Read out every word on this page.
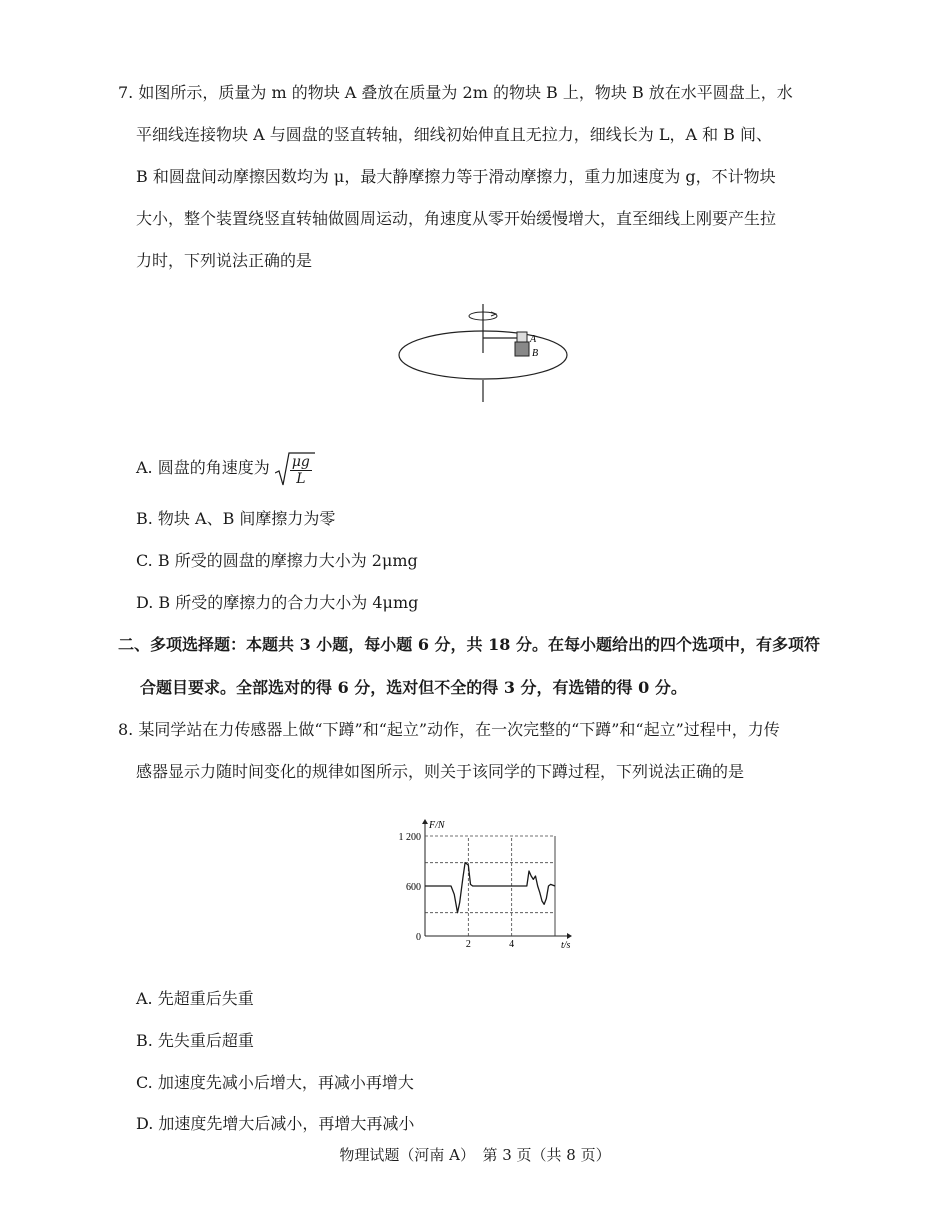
7. 如图所示，质量为 m 的物块 A 叠放在质量为 2m 的物块 B 上，物块 B 放在水平圆盘上，水
平细线连接物块 A 与圆盘的竖直转轴，细线初始伸直且无拉力，细线长为 L，A 和 B 间、
B 和圆盘间动摩擦因数均为 μ，最大静摩擦力等于滑动摩擦力，重力加速度为 g，不计物块
大小，整个装置绕竖直转轴做圆周运动，角速度从零开始缓慢增大，直至细线上刚要产生拉
力时，下列说法正确的是
A
B
A. 圆盘的角速度为 $\frac{\mu g}{L}$
B. 物块 A、B 间摩擦力为零
C. B 所受的圆盘的摩擦力大小为 2μmg
D. B 所受的摩擦力的合力大小为 4μmg
二、多项选择题：本题共 3 小题，每小题 6 分，共 18 分。在每小题给出的四个选项中，有多项符
合题目要求。全部选对的得 6 分，选对但不全的得 3 分，有选错的得 0 分。
8. 某同学站在力传感器上做“下蹲”和“起立”动作，在一次完整的“下蹲”和“起立”过程中，力传
感器显示力随时间变化的规律如图所示，则关于该同学的下蹲过程，下列说法正确的是
0
600
1 200
2	4
F/N
t/s
A. 先超重后失重
B. 先失重后超重
C. 加速度先减小后增大，再减小再增大
D. 加速度先增大后减小，再增大再减小
物理试题（河南 A）　第 3 页（共 8 页）
